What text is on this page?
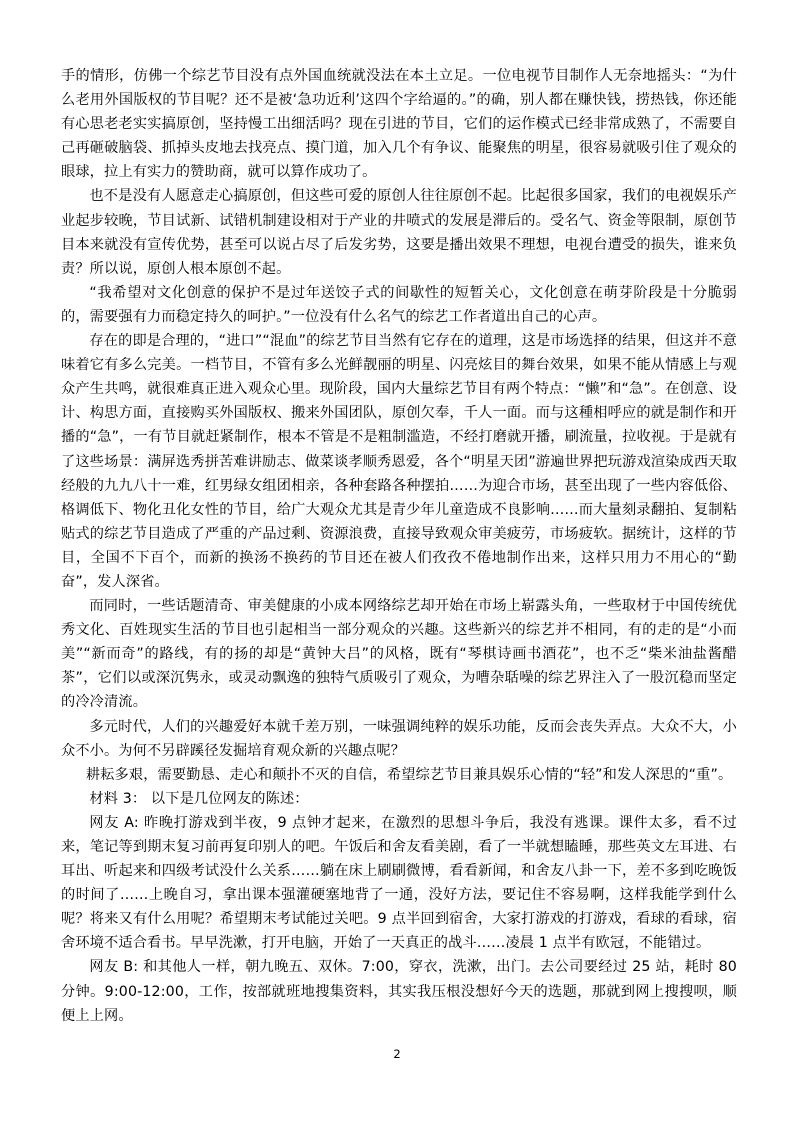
手的情形，仿佛一个综艺节目没有点外国血统就没法在本土立足。一位电视节目制作人无奈地摇头：“为什么老用外国版权的节目呢？还不是被‘急功近利’这四个字给逼的。”的确，别人都在赚快钱，捞热钱，你还能有心思老老实实搞原创，坚持慢工出细活吗？现在引进的节目，它们的运作模式已经非常成熟了，不需要自己再砸破脑袋、抓掉头皮地去找亮点、摸门道，加入几个有争议、能聚焦的明星，很容易就吸引住了观众的眼球，拉上有实力的赞助商，就可以算作成功了。

也不是没有人愿意走心搞原创，但这些可爱的原创人往往原创不起。比起很多国家，我们的电视娱乐产业起步较晚，节目试新、试错机制建设相对于产业的井喷式的发展是滞后的。受名气、资金等限制，原创节目本来就没有宣传优势，甚至可以说占尽了后发劣势，这要是播出效果不理想，电视台遭受的损失，谁来负责？所以说，原创人根本原创不起。

“我希望对文化创意的保护不是过年送饺子式的间歇性的短暂关心，文化创意在萌芽阶段是十分脆弱的，需要强有力而稳定持久的呵护。”一位没有什么名气的综艺工作者道出自己的心声。

存在的即是合理的，“进口”“混血”的综艺节目当然有它存在的道理，这是市场选择的结果，但这并不意味着它有多么完美。一档节目，不管有多么光鲜靓丽的明星、闪亮炫目的舞台效果，如果不能从情感上与观众产生共鸣，就很难真正进入观众心里。现阶段，国内大量综艺节目有两个特点：“懒”和“急”。在创意、设计、构思方面，直接购买外国版权、搬来外国团队，原创欠奉，千人一面。而与这種相呼应的就是制作和开播的“急”，一有节目就赶紧制作，根本不管是不是粗制滥造，不经打磨就开播，刷流量，拉收视。于是就有了这些场景：满屏选秀拼苦难讲励志、做菜谈孝顺秀恩爱，各个“明星天团”游遍世界把玩游戏渲染成西天取经般的九九八十一难，红男绿女组团相亲，各种套路各种摆拍……为迎合市场，甚至出现了一些内容低俗、格调低下、物化丑化女性的节目，给广大观众尤其是青少年儿童造成不良影响……而大量刻录翻拍、复制粘贴式的综艺节目造成了严重的产品过剩、资源浪费，直接导致观众审美疲劳，市场疲软。据统计，这样的节目，全国不下百个，而新的换汤不换药的节目还在被人们孜孜不倦地制作出来，这样只用力不用心的“勤奋”，发人深省。

而同时，一些话题清奇、审美健康的小成本网络综艺却开始在市场上崭露头角，一些取材于中国传统优秀文化、百姓现实生活的节目也引起相当一部分观众的兴趣。这些新兴的综艺并不相同，有的走的是“小而美”“新而奇”的路线，有的扬的却是“黄钟大吕”的风格，既有“琴棋诗画书酒花”，也不乏“柴米油盐酱醋茶”，它们以或深沉隽永，或灵动飘逸的独特气质吸引了观众，为嘈杂聒噪的综艺界注入了一股沉稳而坚定的冷冷清流。

多元时代，人们的兴趣爱好本就千差万别，一味强调纯粹的娱乐功能，反而会丧失弄点。大众不大，小众不小。为何不另辟蹊径发掘培育观众新的兴趣点呢？

耕耘多艰，需要勤恳、走心和颠扑不灭的自信，希望综艺节目兼具娱乐心情的“轻”和发人深思的“重”。

材料 3： 以下是几位网友的陈述：

网友 A: 昨晚打游戏到半夜，9 点钟才起来，在激烈的思想斗争后，我没有逃课。课件太多，看不过来，笔记等到期末复习前再复印别人的吧。午饭后和舍友看美剧，看了一半就想瞌睡，那些英文左耳进、右耳出、听起来和四级考试没什么关系……躺在床上刷刷微博，看看新闻，和舍友八卦一下，差不多到吃晚饭的时间了……上晚自习，拿出课本强灌硬塞地背了一通，没好方法，要记住不容易啊，这样我能学到什么呢？将来又有什么用呢？希望期末考试能过关吧。9 点半回到宿舍，大家打游戏的打游戏，看球的看球，宿舍环境不适合看书。早早洗漱，打开电脑，开始了一天真正的战斗……凌晨 1 点半有欧冠，不能错过。

网友 B: 和其他人一样，朝九晚五、双休。7:00，穿衣，洗漱，出门。去公司要经过 25 站，耗时 80 分钟。9:00-12:00，工作，按部就班地搜集资料，其实我压根没想好今天的选题，那就到网上搜搜呗，顺便上上网。

2
